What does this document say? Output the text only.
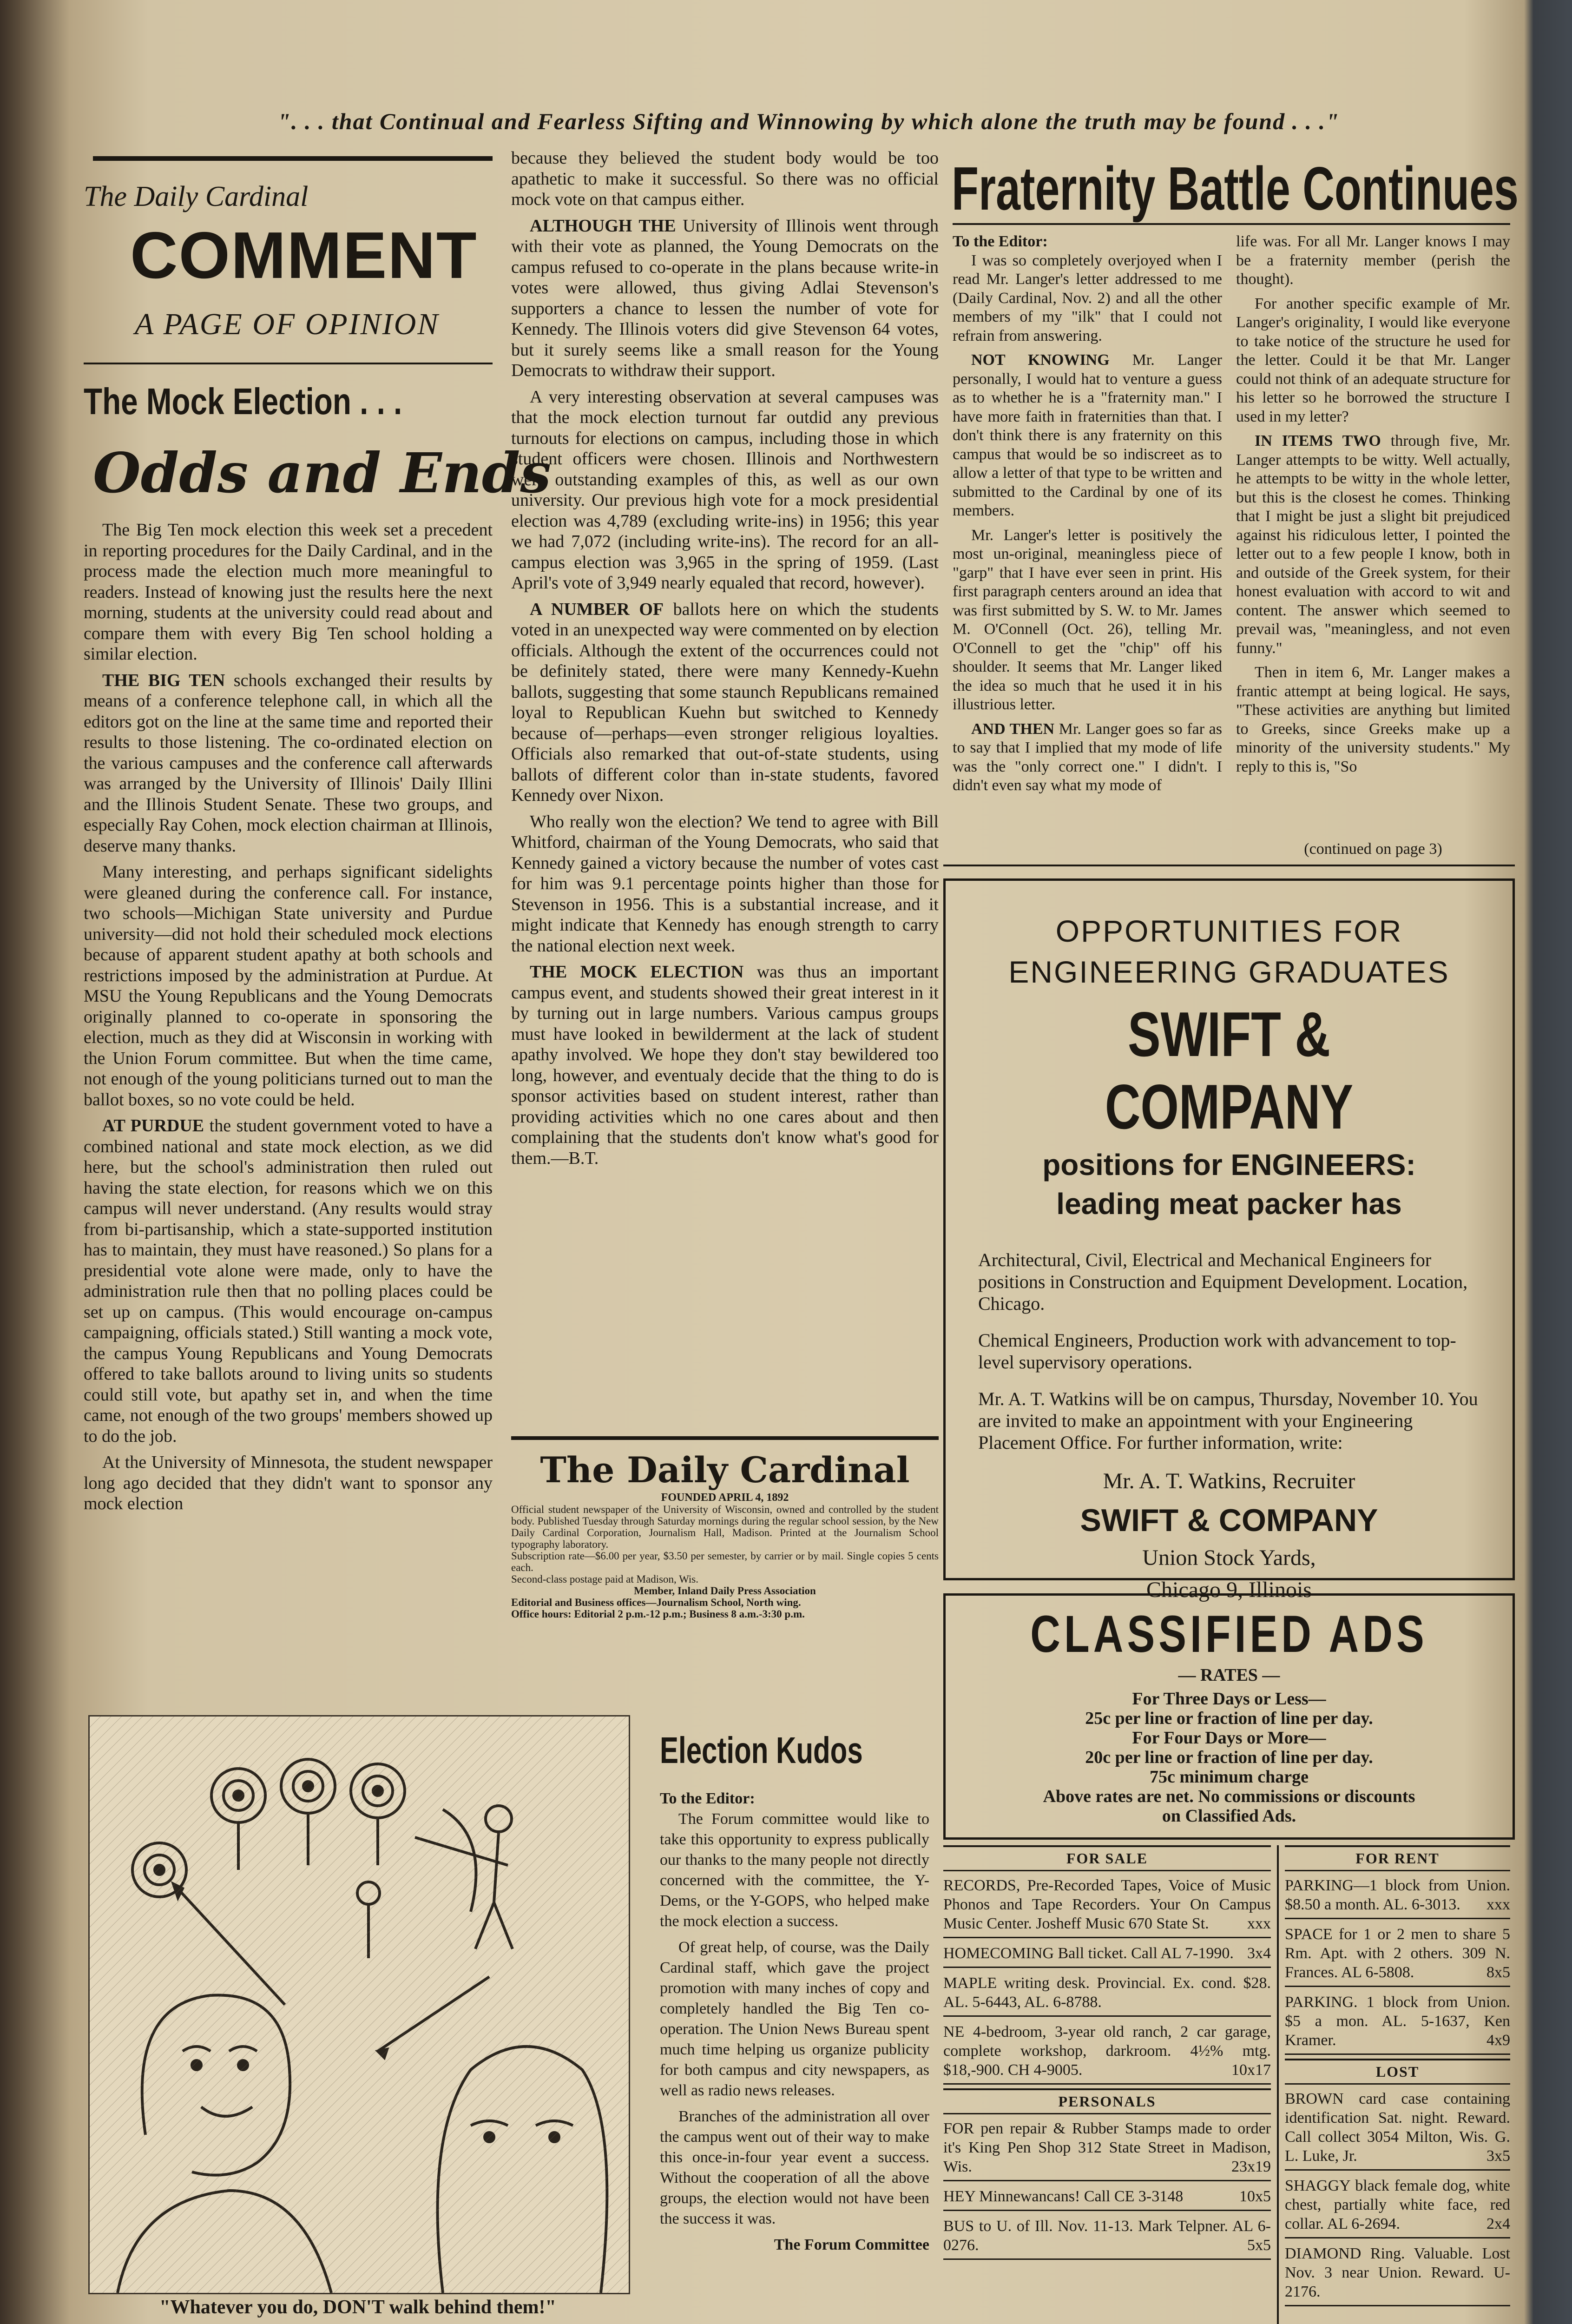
". . . that Continual and Fearless Sifting and Winnowing by which alone the truth may be found . . ."
The Daily Cardinal
COMMENT
A PAGE OF OPINION
The Mock Election . . .
Odds and Ends

The Big Ten mock election this week set a precedent in reporting procedures for the Daily Cardinal, and in the process made the election much more meaningful to readers. Instead of knowing just the results here the next morning, students at the university could read about and compare them with every Big Ten school holding a similar election.

THE BIG TEN schools exchanged their results by means of a conference telephone call, in which all the editors got on the line at the same time and reported their results to those listening. The co-ordinated election on the various campuses and the conference call afterwards was arranged by the University of Illinois' Daily Illini and the Illinois Student Senate. These two groups, and especially Ray Cohen, mock election chairman at Illinois, deserve many thanks.

Many interesting, and perhaps significant sidelights were gleaned during the conference call. For instance, two schools—Michigan State university and Purdue university—did not hold their scheduled mock elections because of apparent student apathy at both schools and restrictions imposed by the administration at Purdue. At MSU the Young Republicans and the Young Democrats originally planned to co-operate in sponsoring the election, much as they did at Wisconsin in working with the Union Forum committee. But when the time came, not enough of the young politicians turned out to man the ballot boxes, so no vote could be held.

AT PURDUE the student government voted to have a combined national and state mock election, as we did here, but the school's administration then ruled out having the state election, for reasons which we on this campus will never understand. (Any results would stray from bi-partisanship, which a state-supported institution has to maintain, they must have reasoned.) So plans for a presidential vote alone were made, only to have the administration rule then that no polling places could be set up on campus. (This would encourage on-campus campaigning, officials stated.) Still wanting a mock vote, the campus Young Republicans and Young Democrats offered to take ballots around to living units so students could still vote, but apathy set in, and when the time came, not enough of the two groups' members showed up to do the job.

At the University of Minnesota, the student newspaper long ago decided that they didn't want to sponsor any mock election

because they believed the student body would be too apathetic to make it successful. So there was no official mock vote on that campus either.

ALTHOUGH THE University of Illinois went through with their vote as planned, the Young Democrats on the campus refused to co-operate in the plans because write-in votes were allowed, thus giving Adlai Stevenson's supporters a chance to lessen the number of vote for Kennedy. The Illinois voters did give Stevenson 64 votes, but it surely seems like a small reason for the Young Democrats to withdraw their support.

A very interesting observation at several campuses was that the mock election turnout far outdid any previous turnouts for elections on campus, including those in which student officers were chosen. Illinois and Northwestern were outstanding examples of this, as well as our own university. Our previous high vote for a mock presidential election was 4,789 (excluding write-ins) in 1956; this year we had 7,072 (including write-ins). The record for an all-campus election was 3,965 in the spring of 1959. (Last April's vote of 3,949 nearly equaled that record, however).

A NUMBER OF ballots here on which the students voted in an unexpected way were commented on by election officials. Although the extent of the occurrences could not be definitely stated, there were many Kennedy-Kuehn ballots, suggesting that some staunch Republicans remained loyal to Republican Kuehn but switched to Kennedy because of—perhaps—even stronger religious loyalties. Officials also remarked that out-of-state students, using ballots of different color than in-state students, favored Kennedy over Nixon.

Who really won the election? We tend to agree with Bill Whitford, chairman of the Young Democrats, who said that Kennedy gained a victory because the number of votes cast for him was 9.1 percentage points higher than those for Stevenson in 1956. This is a substantial increase, and it might indicate that Kennedy has enough strength to carry the national election next week.

THE MOCK ELECTION was thus an important campus event, and students showed their great interest in it by turning out in large numbers. Various campus groups must have looked in bewilderment at the lack of student apathy involved. We hope they don't stay bewildered too long, however, and eventualy decide that the thing to do is sponsor activities based on student interest, rather than providing activities which no one cares about and then complaining that the students don't know what's good for them.—B.T.

The Daily Cardinal
FOUNDED APRIL 4, 1892
Official student newspaper of the University of Wisconsin, owned and controlled by the student body. Published Tuesday through Saturday mornings during the regular school session, by the New Daily Cardinal Corporation, Journalism Hall, Madison. Printed at the Journalism School typography laboratory.
Subscription rate—$6.00 per year, $3.50 per semester, by carrier or by mail. Single copies 5 cents each.
Second-class postage paid at Madison, Wis.
Member, Inland Daily Press Association
Editorial and Business offices—Journalism School, North wing.
Office hours: Editorial 2 p.m.-12 p.m.; Business 8 a.m.-3:30 p.m.
Fraternity Battle Continues
To the Editor:

I was so completely overjoyed when I read Mr. Langer's letter addressed to me (Daily Cardinal, Nov. 2) and all the other members of my "ilk" that I could not refrain from answering.

NOT KNOWING Mr. Langer personally, I would hat to venture a guess as to whether he is a "fraternity man." I have more faith in fraternities than that. I don't think there is any fraternity on this campus that would be so indiscreet as to allow a letter of that type to be written and submitted to the Cardinal by one of its members.

Mr. Langer's letter is positively the most un-original, meaningless piece of "garp" that I have ever seen in print. His first paragraph centers around an idea that was first submitted by S. W. to Mr. James M. O'Connell (Oct. 26), telling Mr. O'Connell to get the "chip" off his shoulder. It seems that Mr. Langer liked the idea so much that he used it in his illustrious letter.

AND THEN Mr. Langer goes so far as to say that I implied that my mode of life was the "only correct one." I didn't. I didn't even say what my mode of

life was. For all Mr. Langer knows I may be a fraternity member (perish the thought).

For another specific example of Mr. Langer's originality, I would like everyone to take notice of the structure he used for the letter. Could it be that Mr. Langer could not think of an adequate structure for his letter so he borrowed the structure I used in my letter?

IN ITEMS TWO through five, Mr. Langer attempts to be witty. Well actually, he attempts to be witty in the whole letter, but this is the closest he comes. Thinking that I might be just a slight bit prejudiced against his ridiculous letter, I pointed the letter out to a few people I know, both in and outside of the Greek system, for their honest evaluation with accord to wit and content. The answer which seemed to prevail was, "meaningless, and not even funny."

Then in item 6, Mr. Langer makes a frantic attempt at being logical. He says, "These activities are anything but limited to Greeks, since Greeks make up a minority of the university students." My reply to this is, "So

(continued on page 3)
OPPORTUNITIES FOR
ENGINEERING GRADUATES
SWIFT & COMPANY
positions for ENGINEERS:
leading meat packer has

Architectural, Civil, Electrical and Mechanical Engineers for positions in Construction and Equipment Development. Location, Chicago.

Chemical Engineers, Production work with advancement to top-level supervisory operations.

Mr. A. T. Watkins will be on campus, Thursday, November 10. You are invited to make an appointment with your Engineering Placement Office. For further information, write:

Mr. A. T. Watkins, Recruiter
SWIFT & COMPANY
Union Stock Yards,
Chicago 9, Illinois
CLASSIFIED ADS
— RATES —
For Three Days or Less—
25c per line or fraction of line per day.
For Four Days or More—
20c per line or fraction of line per day.
75c minimum charge
Above rates are net. No commissions or discounts
on Classified Ads.
FOR SALE
RECORDS, Pre-Recorded Tapes, Voice of Music Phonos and Tape Recorders. Your On Campus Music Center. Josheff Music 670 State St. xxx
HOMECOMING Ball ticket. Call AL 7-1990. 3x4
MAPLE writing desk. Provincial. Ex. cond. $28. AL. 5-6443, AL. 6-8788.
NE 4-bedroom, 3-year old ranch, 2 car garage, complete workshop, darkroom. 4½% mtg. $18,-900. CH 4-9005.	10x17
PERSONALS
FOR pen repair & Rubber Stamps made to order it's King Pen Shop 312 State Street in Madison, Wis.	23x19
HEY Minnewancans! Call CE 3-3148	10x5
BUS to U. of Ill. Nov. 11-13. Mark Telpner. AL 6-0276.	5x5
FOR RENT
PARKING—1 block from Union. $8.50 a month. AL. 6-3013. xxx
SPACE for 1 or 2 men to share 5 Rm. Apt. with 2 others. 309 N. Frances. AL 6-5808.	8x5
PARKING. 1 block from Union. $5 a mon. AL. 5-1637, Ken Kramer.	4x9
LOST
BROWN card case containing identification Sat. night. Reward. Call collect 3054 Milton, Wis. G. L. Luke, Jr.	3x5
SHAGGY black female dog, white chest, partially white face, red collar. AL 6-2694.	2x4
DIAMOND Ring. Valuable. Lost Nov. 3 near Union. Reward. U-2176.
"Whatever you do, DON'T walk behind them!"
Election Kudos
To the Editor:

The Forum committee would like to take this opportunity to express publically our thanks to the many people not directly concerned with the committee, the Y-Dems, or the Y-GOPS, who helped make the mock election a success.

Of great help, of course, was the Daily Cardinal staff, which gave the project promotion with many inches of copy and completely handled the Big Ten co-operation. The Union News Bureau spent much time helping us organize publicity for both campus and city newspapers, as well as radio news releases.

Branches of the administration all over the campus went out of their way to make this once-in-four year event a success. Without the cooperation of all the above groups, the election would not have been the success it was.

The Forum Committee
